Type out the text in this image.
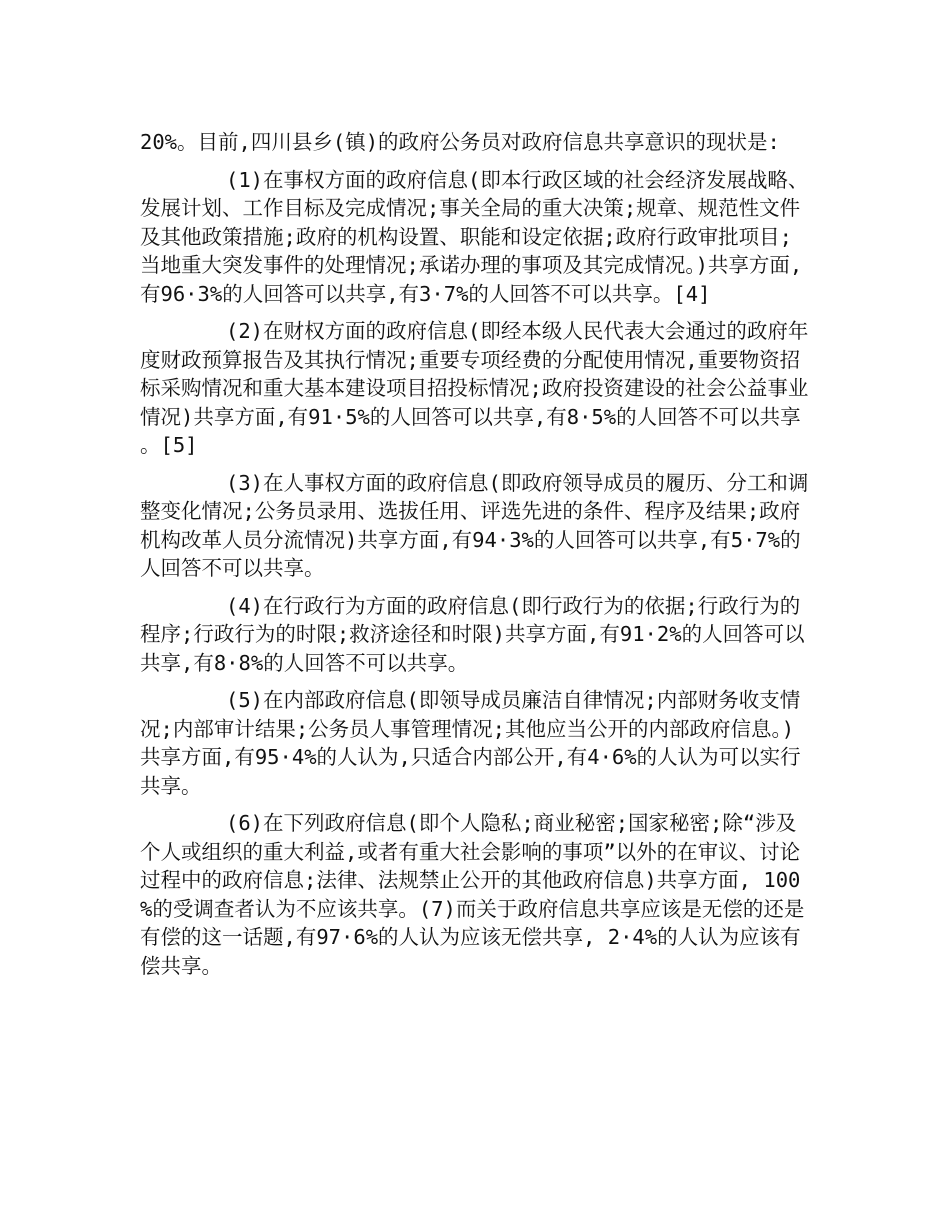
20%。目前,四川县乡(镇)的政府公务员对政府信息共享意识的现状是:

(1)在事权方面的政府信息(即本行政区域的社会经济发展战略、发展计划、工作目标及完成情况;事关全局的重大决策;规章、规范性文件及其他政策措施;政府的机构设置、职能和设定依据;政府行政审批项目;当地重大突发事件的处理情况;承诺办理的事项及其完成情况。)共享方面,有96·3%的人回答可以共享,有3·7%的人回答不可以共享。[4]

(2)在财权方面的政府信息(即经本级人民代表大会通过的政府年度财政预算报告及其执行情况;重要专项经费的分配使用情况,重要物资招标采购情况和重大基本建设项目招投标情况;政府投资建设的社会公益事业情况)共享方面,有91·5%的人回答可以共享,有8·5%的人回答不可以共享。[5]

(3)在人事权方面的政府信息(即政府领导成员的履历、分工和调整变化情况;公务员录用、选拔任用、评选先进的条件、程序及结果;政府机构改革人员分流情况)共享方面,有94·3%的人回答可以共享,有5·7%的人回答不可以共享。

(4)在行政行为方面的政府信息(即行政行为的依据;行政行为的程序;行政行为的时限;救济途径和时限)共享方面,有91·2%的人回答可以共享,有8·8%的人回答不可以共享。

(5)在内部政府信息(即领导成员廉洁自律情况;内部财务收支情况;内部审计结果;公务员人事管理情况;其他应当公开的内部政府信息。)共享方面,有95·4%的人认为,只适合内部公开,有4·6%的人认为可以实行共享。

(6)在下列政府信息(即个人隐私;商业秘密;国家秘密;除“涉及个人或组织的重大利益,或者有重大社会影响的事项”以外的在审议、讨论过程中的政府信息;法律、法规禁止公开的其他政府信息)共享方面, 100%的受调查者认为不应该共享。(7)而关于政府信息共享应该是无偿的还是有偿的这一话题,有97·6%的人认为应该无偿共享, 2·4%的人认为应该有偿共享。
